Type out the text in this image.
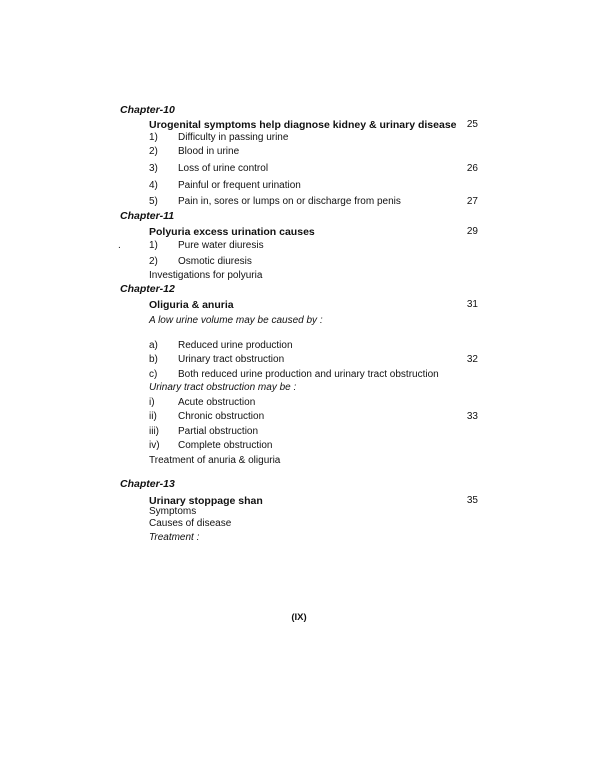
Chapter-10
Urogenital symptoms help diagnose kidney & urinary disease	25
1) Difficulty in passing urine
2) Blood in urine
3) Loss of urine control	26
4) Painful or frequent urination
5) Pain in, sores or lumps on or discharge from penis	27
Chapter-11
Polyuria excess urination causes	29
.	1) Pure water diuresis
2) Osmotic diuresis
Investigations for polyuria
Chapter-12
Oliguria & anuria	31
A low urine volume may be caused by :
a) Reduced urine production
b) Urinary tract obstruction	32
c) Both reduced urine production and urinary tract obstruction
Urinary tract obstruction may be :
i) Acute obstruction
ii) Chronic obstruction	33
iii) Partial obstruction
iv) Complete obstruction
Treatment of anuria & oliguria
Chapter-13
Urinary stoppage shan	35
Symptoms
Causes of disease
Treatment :
(IX)
